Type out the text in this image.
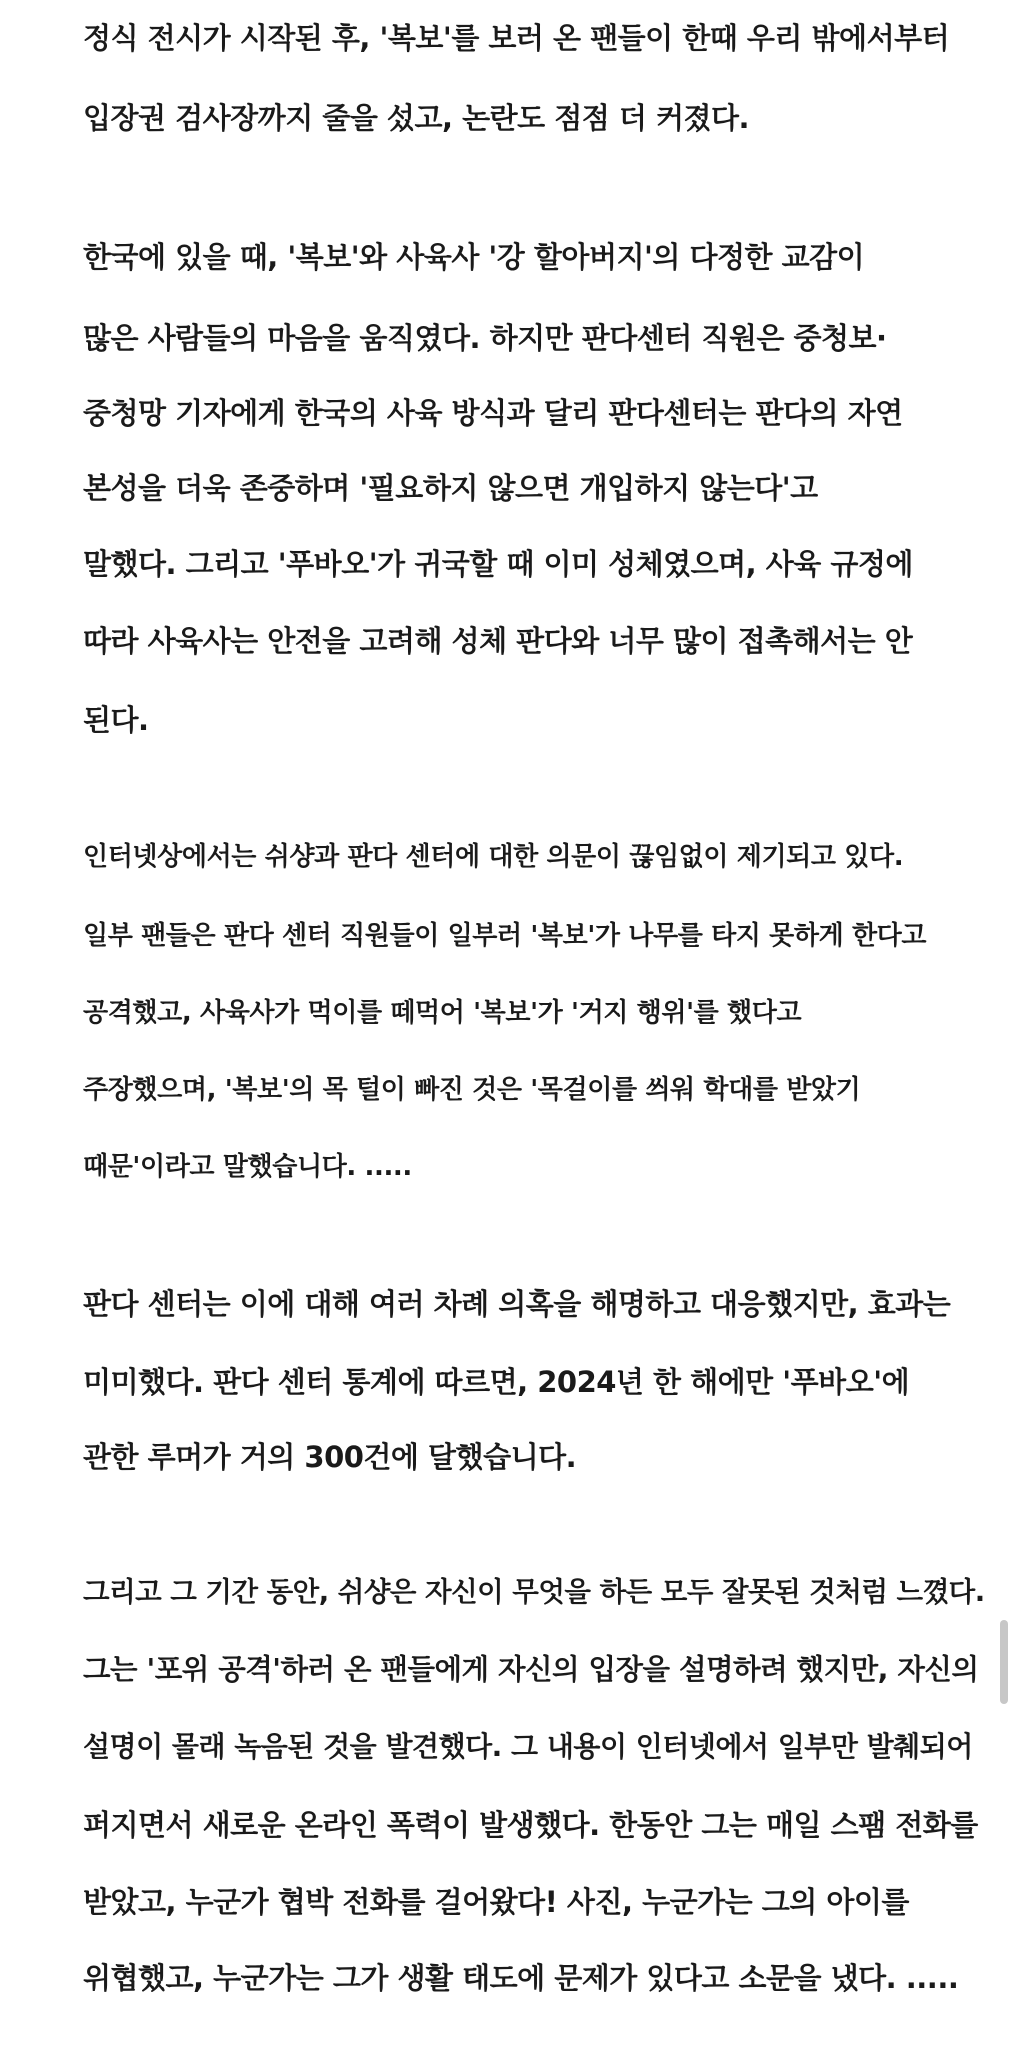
정식 전시가 시작된 후, '복보'를 보러 온 팬들이 한때 우리 밖에서부터

입장권 검사장까지 줄을 섰고, 논란도 점점 더 커졌다.

한국에 있을 때, '복보'와 사육사 '강 할아버지'의 다정한 교감이

많은 사람들의 마음을 움직였다. 하지만 판다센터 직원은 중청보·

중청망 기자에게 한국의 사육 방식과 달리 판다센터는 판다의 자연

본성을 더욱 존중하며 '필요하지 않으면 개입하지 않는다'고

말했다. 그리고 '푸바오'가 귀국할 때 이미 성체였으며, 사육 규정에

따라 사육사는 안전을 고려해 성체 판다와 너무 많이 접촉해서는 안

된다.

인터넷상에서는 쉬샹과 판다 센터에 대한 의문이 끊임없이 제기되고 있다.

일부 팬들은 판다 센터 직원들이 일부러 '복보'가 나무를 타지 못하게 한다고

공격했고, 사육사가 먹이를 떼먹어 '복보'가 '거지 행위'를 했다고

주장했으며, '복보'의 목 털이 빠진 것은 '목걸이를 씌워 학대를 받았기

때문'이라고 말했습니다. .....

판다 센터는 이에 대해 여러 차례 의혹을 해명하고 대응했지만, 효과는

미미했다. 판다 센터 통계에 따르면, 2024년 한 해에만 '푸바오'에

관한 루머가 거의 300건에 달했습니다.

그리고 그 기간 동안, 쉬샹은 자신이 무엇을 하든 모두 잘못된 것처럼 느꼈다.

그는 '포위 공격'하러 온 팬들에게 자신의 입장을 설명하려 했지만, 자신의

설명이 몰래 녹음된 것을 발견했다. 그 내용이 인터넷에서 일부만 발췌되어

퍼지면서 새로운 온라인 폭력이 발생했다. 한동안 그는 매일 스팸 전화를

받았고, 누군가 협박 전화를 걸어왔다! 사진, 누군가는 그의 아이를

위협했고, 누군가는 그가 생활 태도에 문제가 있다고 소문을 냈다. .....
